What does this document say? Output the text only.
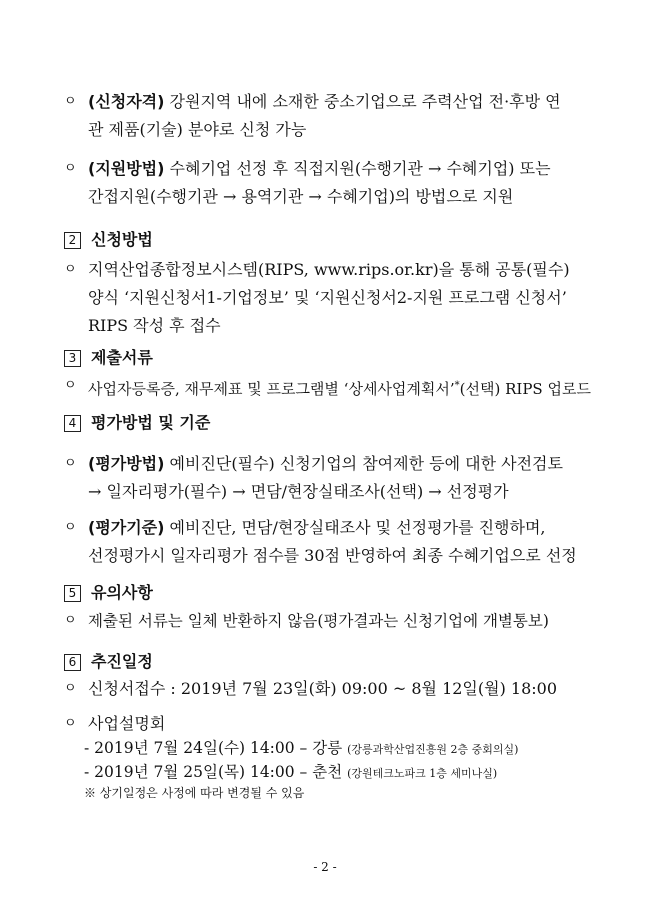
ㅇ (신청자격) 강원지역 내에 소재한 중소기업으로 주력산업 전·후방 연
관 제품(기술) 분야로 신청 가능
ㅇ (지원방법) 수혜기업 선정 후 직접지원(수행기관 → 수혜기업) 또는
간접지원(수행기관 → 용역기관 → 수혜기업)의 방법으로 지원
2 신청방법
ㅇ 지역산업종합정보시스템(RIPS, www.rips.or.kr)을 통해 공통(필수)
양식 ‘지원신청서1-기업정보’ 및 ‘지원신청서2-지원 프로그램 신청서’
RIPS 작성 후 접수
3 제출서류
ㅇ 사업자등록증, 재무제표 및 프로그램별 ‘상세사업계획서’*(선택) RIPS 업로드
4 평가방법 및 기준
ㅇ (평가방법) 예비진단(필수) 신청기업의 참여제한 등에 대한 사전검토
→ 일자리평가(필수) → 면담/현장실태조사(선택) → 선정평가
ㅇ (평가기준) 예비진단, 면담/현장실태조사 및 선정평가를 진행하며,
선정평가시 일자리평가 점수를 30점 반영하여 최종 수혜기업으로 선정
5 유의사항
ㅇ 제출된 서류는 일체 반환하지 않음(평가결과는 신청기업에 개별통보)
6 추진일정
ㅇ 신청서접수 : 2019년 7월 23일(화) 09:00 ~ 8월 12일(월) 18:00
ㅇ 사업설명회
- 2019년 7월 24일(수) 14:00 – 강릉 (강릉과학산업진흥원 2층 중회의실)
- 2019년 7월 25일(목) 14:00 – 춘천 (강원테크노파크 1층 세미나실)
※ 상기일정은 사정에 따라 변경될 수 있음
- 2 -
